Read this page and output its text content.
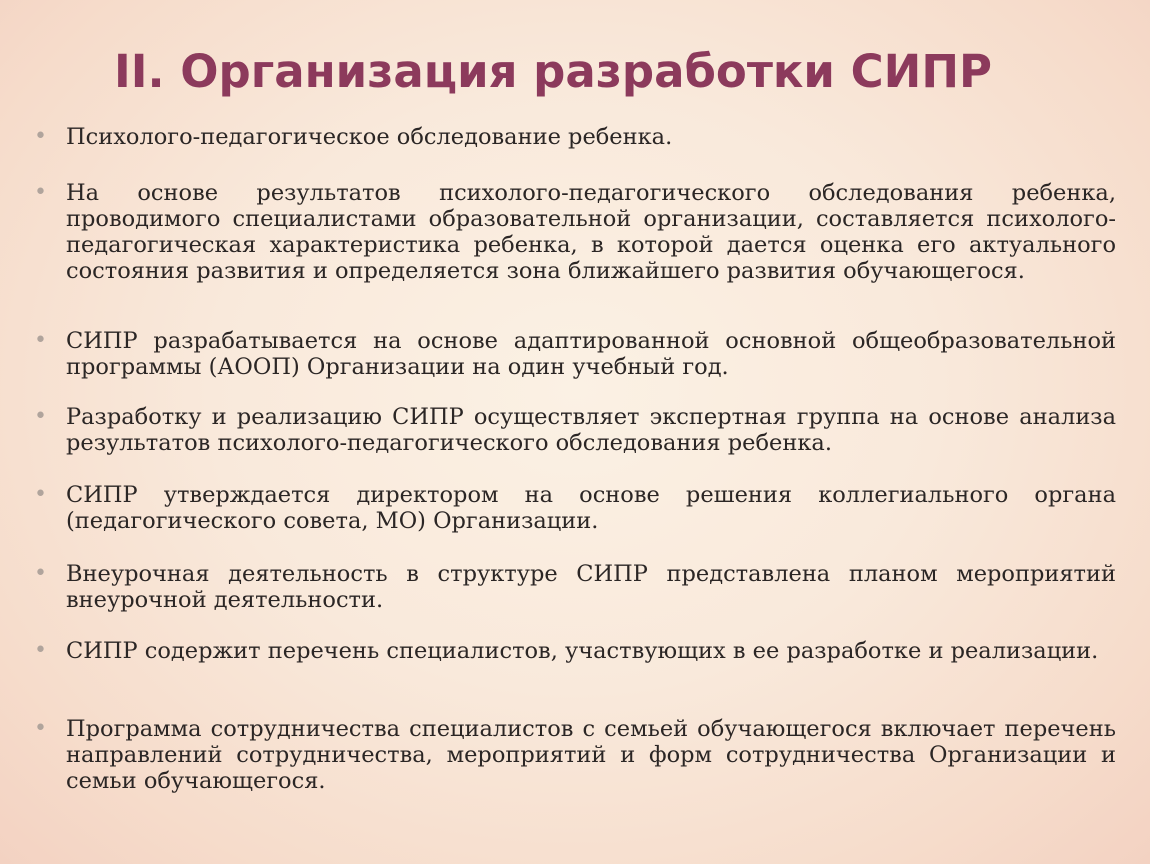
II. Организация разработки СИПР
• Психолого-педагогическое обследование ребенка.
• На основе результатов психолого-педагогического обследования ребенка, проводимого специалистами образовательной организации, составляется психолого-педагогическая характеристика ребенка, в которой дается оценка его актуального состояния развития и определяется зона ближайшего развития обучающегося.
• СИПР разрабатывается на основе адаптированной основной общеобразовательной программы (АООП) Организации на один учебный год.
• Разработку и реализацию СИПР осуществляет экспертная группа на основе анализа результатов психолого-педагогического обследования ребенка.
• СИПР утверждается директором на основе решения коллегиального органа (педагогического совета, МО) Организации.
• Внеурочная деятельность в структуре СИПР представлена планом мероприятий внеурочной деятельности.
• СИПР содержит перечень специалистов, участвующих в ее разработке и реализации.
• Программа сотрудничества специалистов с семьей обучающегося включает перечень направлений сотрудничества, мероприятий и форм сотрудничества Организации и семьи обучающегося.
